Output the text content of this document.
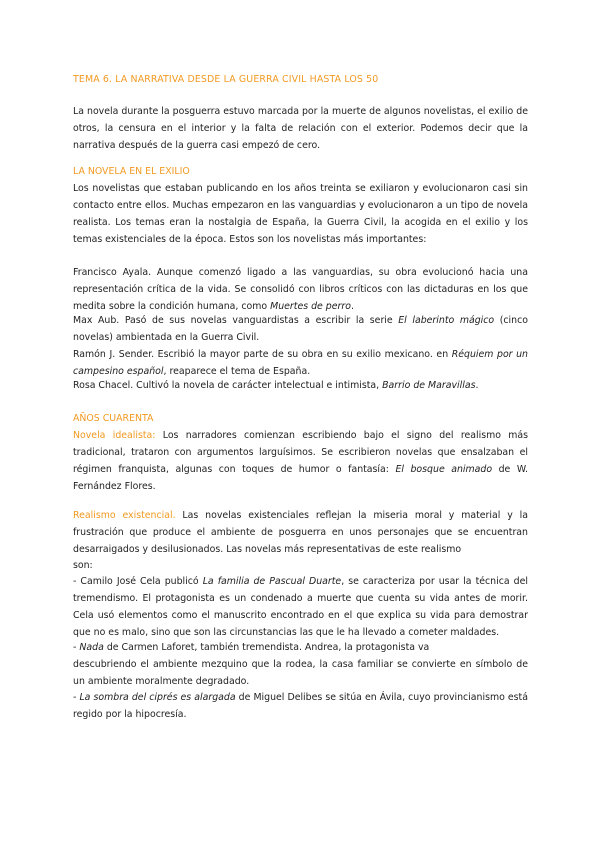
TEMA 6. LA NARRATIVA DESDE LA GUERRA CIVIL HASTA LOS 50

La novela durante la posguerra estuvo marcada por la muerte de algunos novelistas, el exilio de otros, la censura en el interior y la falta de relación con el exterior. Podemos decir que la narrativa después de la guerra casi empezó de cero.

LA NOVELA EN EL EXILIO

Los novelistas que estaban publicando en los años treinta se exiliaron y evolucionaron casi sin contacto entre ellos. Muchas empezaron en las vanguardias y evolucionaron a un tipo de novela realista. Los temas eran la nostalgia de España, la Guerra Civil, la acogida en el exilio y los temas existenciales de la época. Estos son los novelistas más importantes:

Francisco Ayala. Aunque comenzó ligado a las vanguardias, su obra evolucionó hacia una representación crítica de la vida. Se consolidó con libros críticos con las dictaduras en los que medita sobre la condición humana, como Muertes de perro.

Max Aub. Pasó de sus novelas vanguardistas a escribir la serie El laberinto mágico (cinco novelas) ambientada en la Guerra Civil.

Ramón J. Sender. Escribió la mayor parte de su obra en su exilio mexicano. en Réquiem por un campesino español, reaparece el tema de España.

Rosa Chacel. Cultivó la novela de carácter intelectual e intimista, Barrio de Maravillas.

AÑOS CUARENTA

Novela idealista: Los narradores comienzan escribiendo bajo el signo del realismo más tradicional, trataron con argumentos larguísimos. Se escribieron novelas que ensalzaban el régimen franquista, algunas con toques de humor o fantasía: El bosque animado de W. Fernández Flores.

Realismo existencial. Las novelas existenciales reflejan la miseria moral y material y la frustración que produce el ambiente de posguerra en unos personajes que se encuentran desarraigados y desilusionados. Las novelas más representativas de este realismo

son:

- Camilo José Cela publicó La familia de Pascual Duarte, se caracteriza por usar la técnica del tremendismo. El protagonista es un condenado a muerte que cuenta su vida antes de morir. Cela usó elementos como el manuscrito encontrado en el que explica su vida para demostrar que no es malo, sino que son las circunstancias las que le ha llevado a cometer maldades.

- Nada de Carmen Laforet, también tremendista. Andrea, la protagonista va

descubriendo el ambiente mezquino que la rodea, la casa familiar se convierte en símbolo de un ambiente moralmente degradado.

- La sombra del ciprés es alargada de Miguel Delibes se sitúa en Ávila, cuyo provincianismo está regido por la hipocresía.
